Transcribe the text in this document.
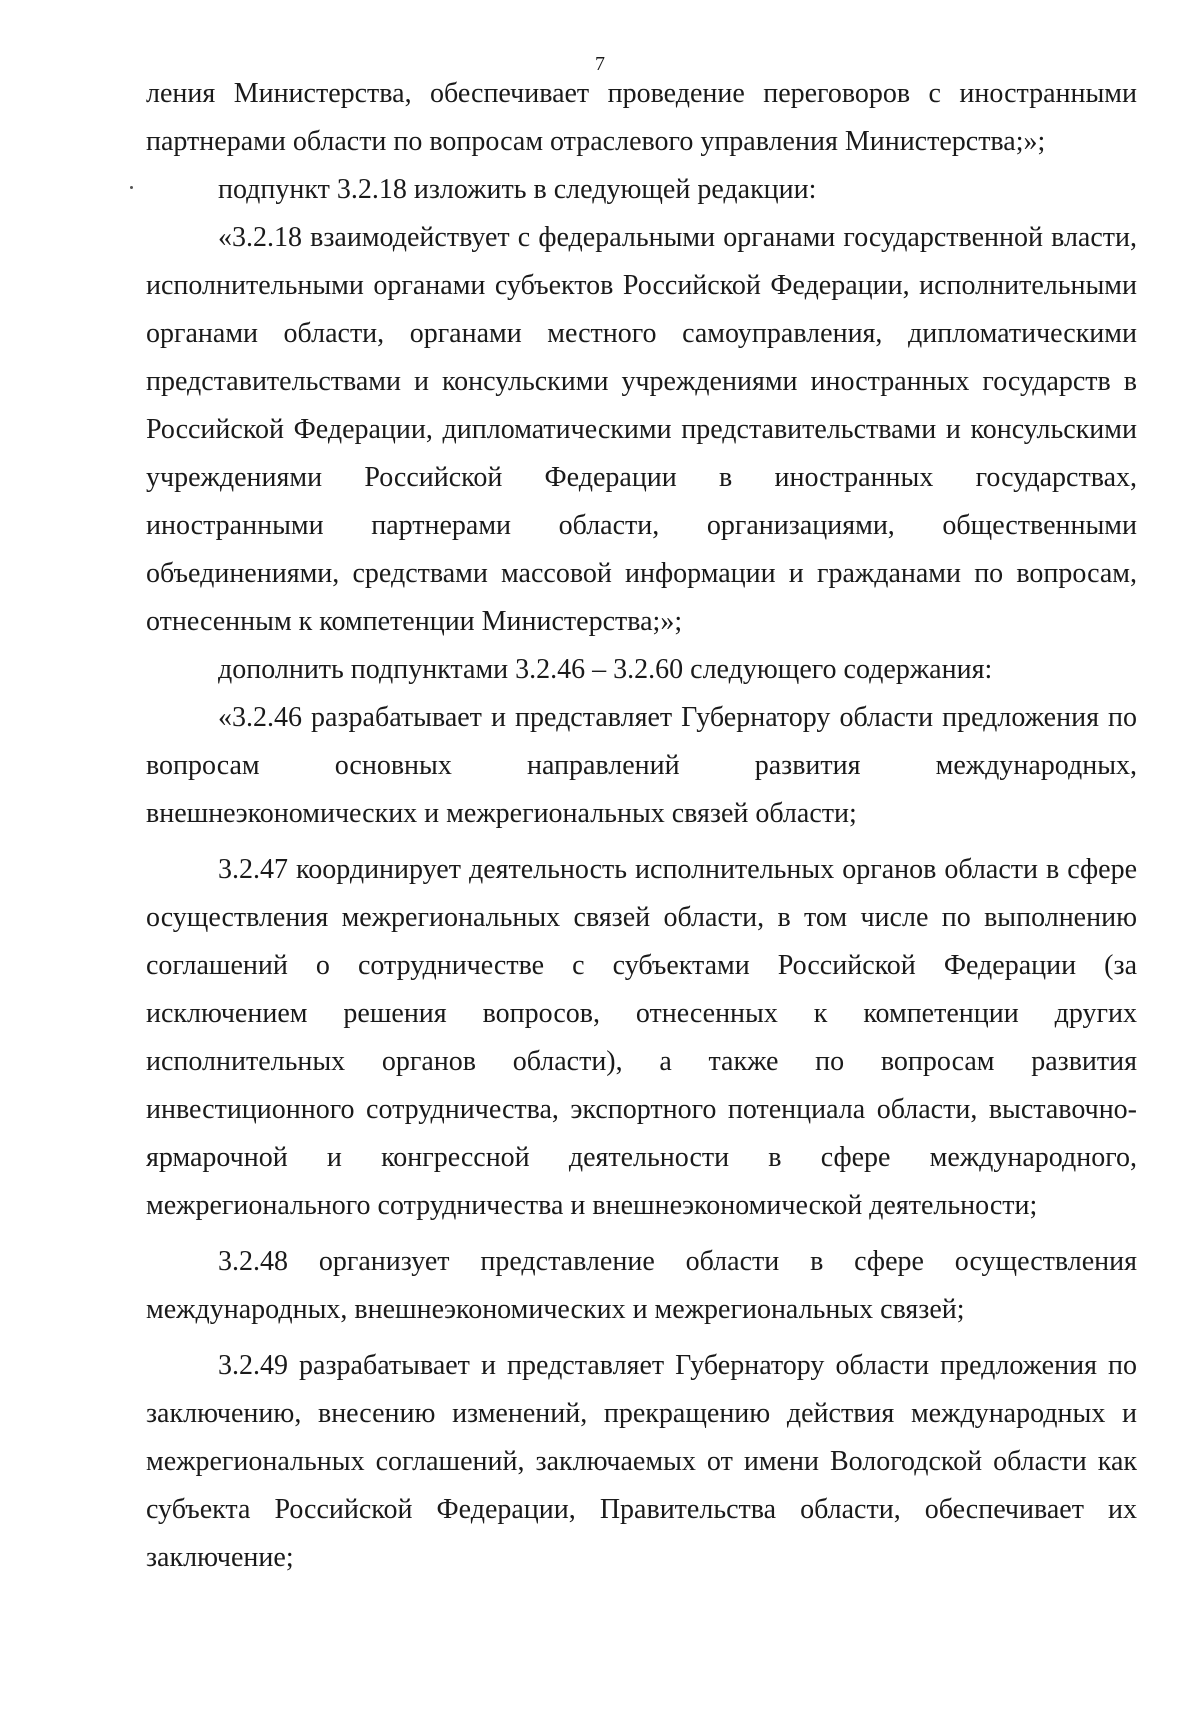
7

ления Министерства, обеспечивает проведение переговоров с иностранными партнерами области по вопросам отраслевого управления Министерства;»;

подпункт 3.2.18 изложить в следующей редакции:

«3.2.18 взаимодействует с федеральными органами государственной власти, исполнительными органами субъектов Российской Федерации, исполнительными органами области, органами местного самоуправления, дипломатическими представительствами и консульскими учреждениями иностранных государств в Российской Федерации, дипломатическими представительствами и консульскими учреждениями Российской Федерации в иностранных государствах, иностранными партнерами области, организациями, общественными объединениями, средствами массовой информации и гражданами по вопросам, отнесенным к компетенции Министерства;»;

дополнить подпунктами 3.2.46 – 3.2.60 следующего содержания:

«3.2.46 разрабатывает и представляет Губернатору области предложения по вопросам основных направлений развития международных, внешнеэкономических и межрегиональных связей области;

3.2.47 координирует деятельность исполнительных органов области в сфере осуществления межрегиональных связей области, в том числе по выполнению соглашений о сотрудничестве с субъектами Российской Федерации (за исключением решения вопросов, отнесенных к компетенции других исполнительных органов области), а также по вопросам развития инвестиционного сотрудничества, экспортного потенциала области, выставочно-ярмарочной и конгрессной деятельности в сфере международного, межрегионального сотрудничества и внешнеэкономической деятельности;

3.2.48 организует представление области в сфере осуществления международных, внешнеэкономических и межрегиональных связей;

3.2.49 разрабатывает и представляет Губернатору области предложения по заключению, внесению изменений, прекращению действия международных и межрегиональных соглашений, заключаемых от имени Вологодской области как субъекта Российской Федерации, Правительства области, обеспечивает их заключение;
